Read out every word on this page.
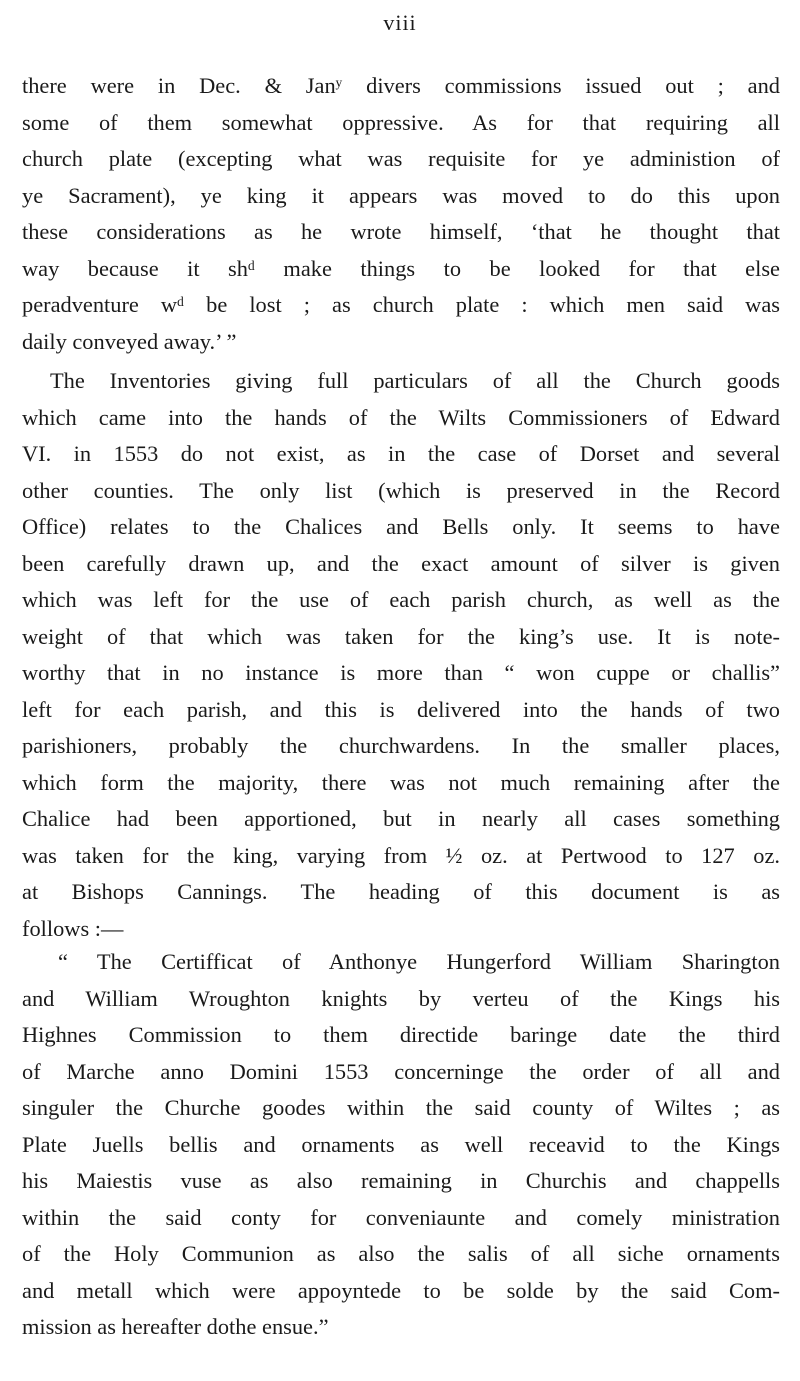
viii
there were in Dec. & Janʸ divers commissions issued out ; and
some of them somewhat oppressive. As for that requiring all
church plate (excepting what was requisite for ye administion of
ye Sacrament), ye king it appears was moved to do this upon
these considerations as he wrote himself, ‘that he thought that
way because it shᵈ make things to be looked for that else
peradventure wᵈ be lost ; as church plate : which men said was
daily conveyed away.’ ”
The Inventories giving full particulars of all the Church goods
which came into the hands of the Wilts Commissioners of Edward
VI. in 1553 do not exist, as in the case of Dorset and several
other counties. The only list (which is preserved in the Record
Office) relates to the Chalices and Bells only. It seems to have
been carefully drawn up, and the exact amount of silver is given
which was left for the use of each parish church, as well as the
weight of that which was taken for the king’s use. It is note-
worthy that in no instance is more than “ won cuppe or challis”
left for each parish, and this is delivered into the hands of two
parishioners, probably the churchwardens. In the smaller places,
which form the majority, there was not much remaining after the
Chalice had been apportioned, but in nearly all cases something
was taken for the king, varying from ½ oz. at Pertwood to 127 oz.
at Bishops Cannings. The heading of this document is as
follows :—
“ The Certifficat of Anthonye Hungerford William Sharington
and William Wroughton knights by verteu of the Kings his
Highnes Commission to them directide baringe date the third
of Marche anno Domini 1553 concerninge the order of all and
singuler the Churche goodes within the said county of Wiltes ; as
Plate Juells bellis and ornaments as well receavid to the Kings
his Maiestis vuse as also remaining in Churchis and chappells
within the said conty for conveniaunte and comely ministration
of the Holy Communion as also the salis of all siche ornaments
and metall which were appoyntede to be solde by the said Com-
mission as hereafter dothe ensue.”
